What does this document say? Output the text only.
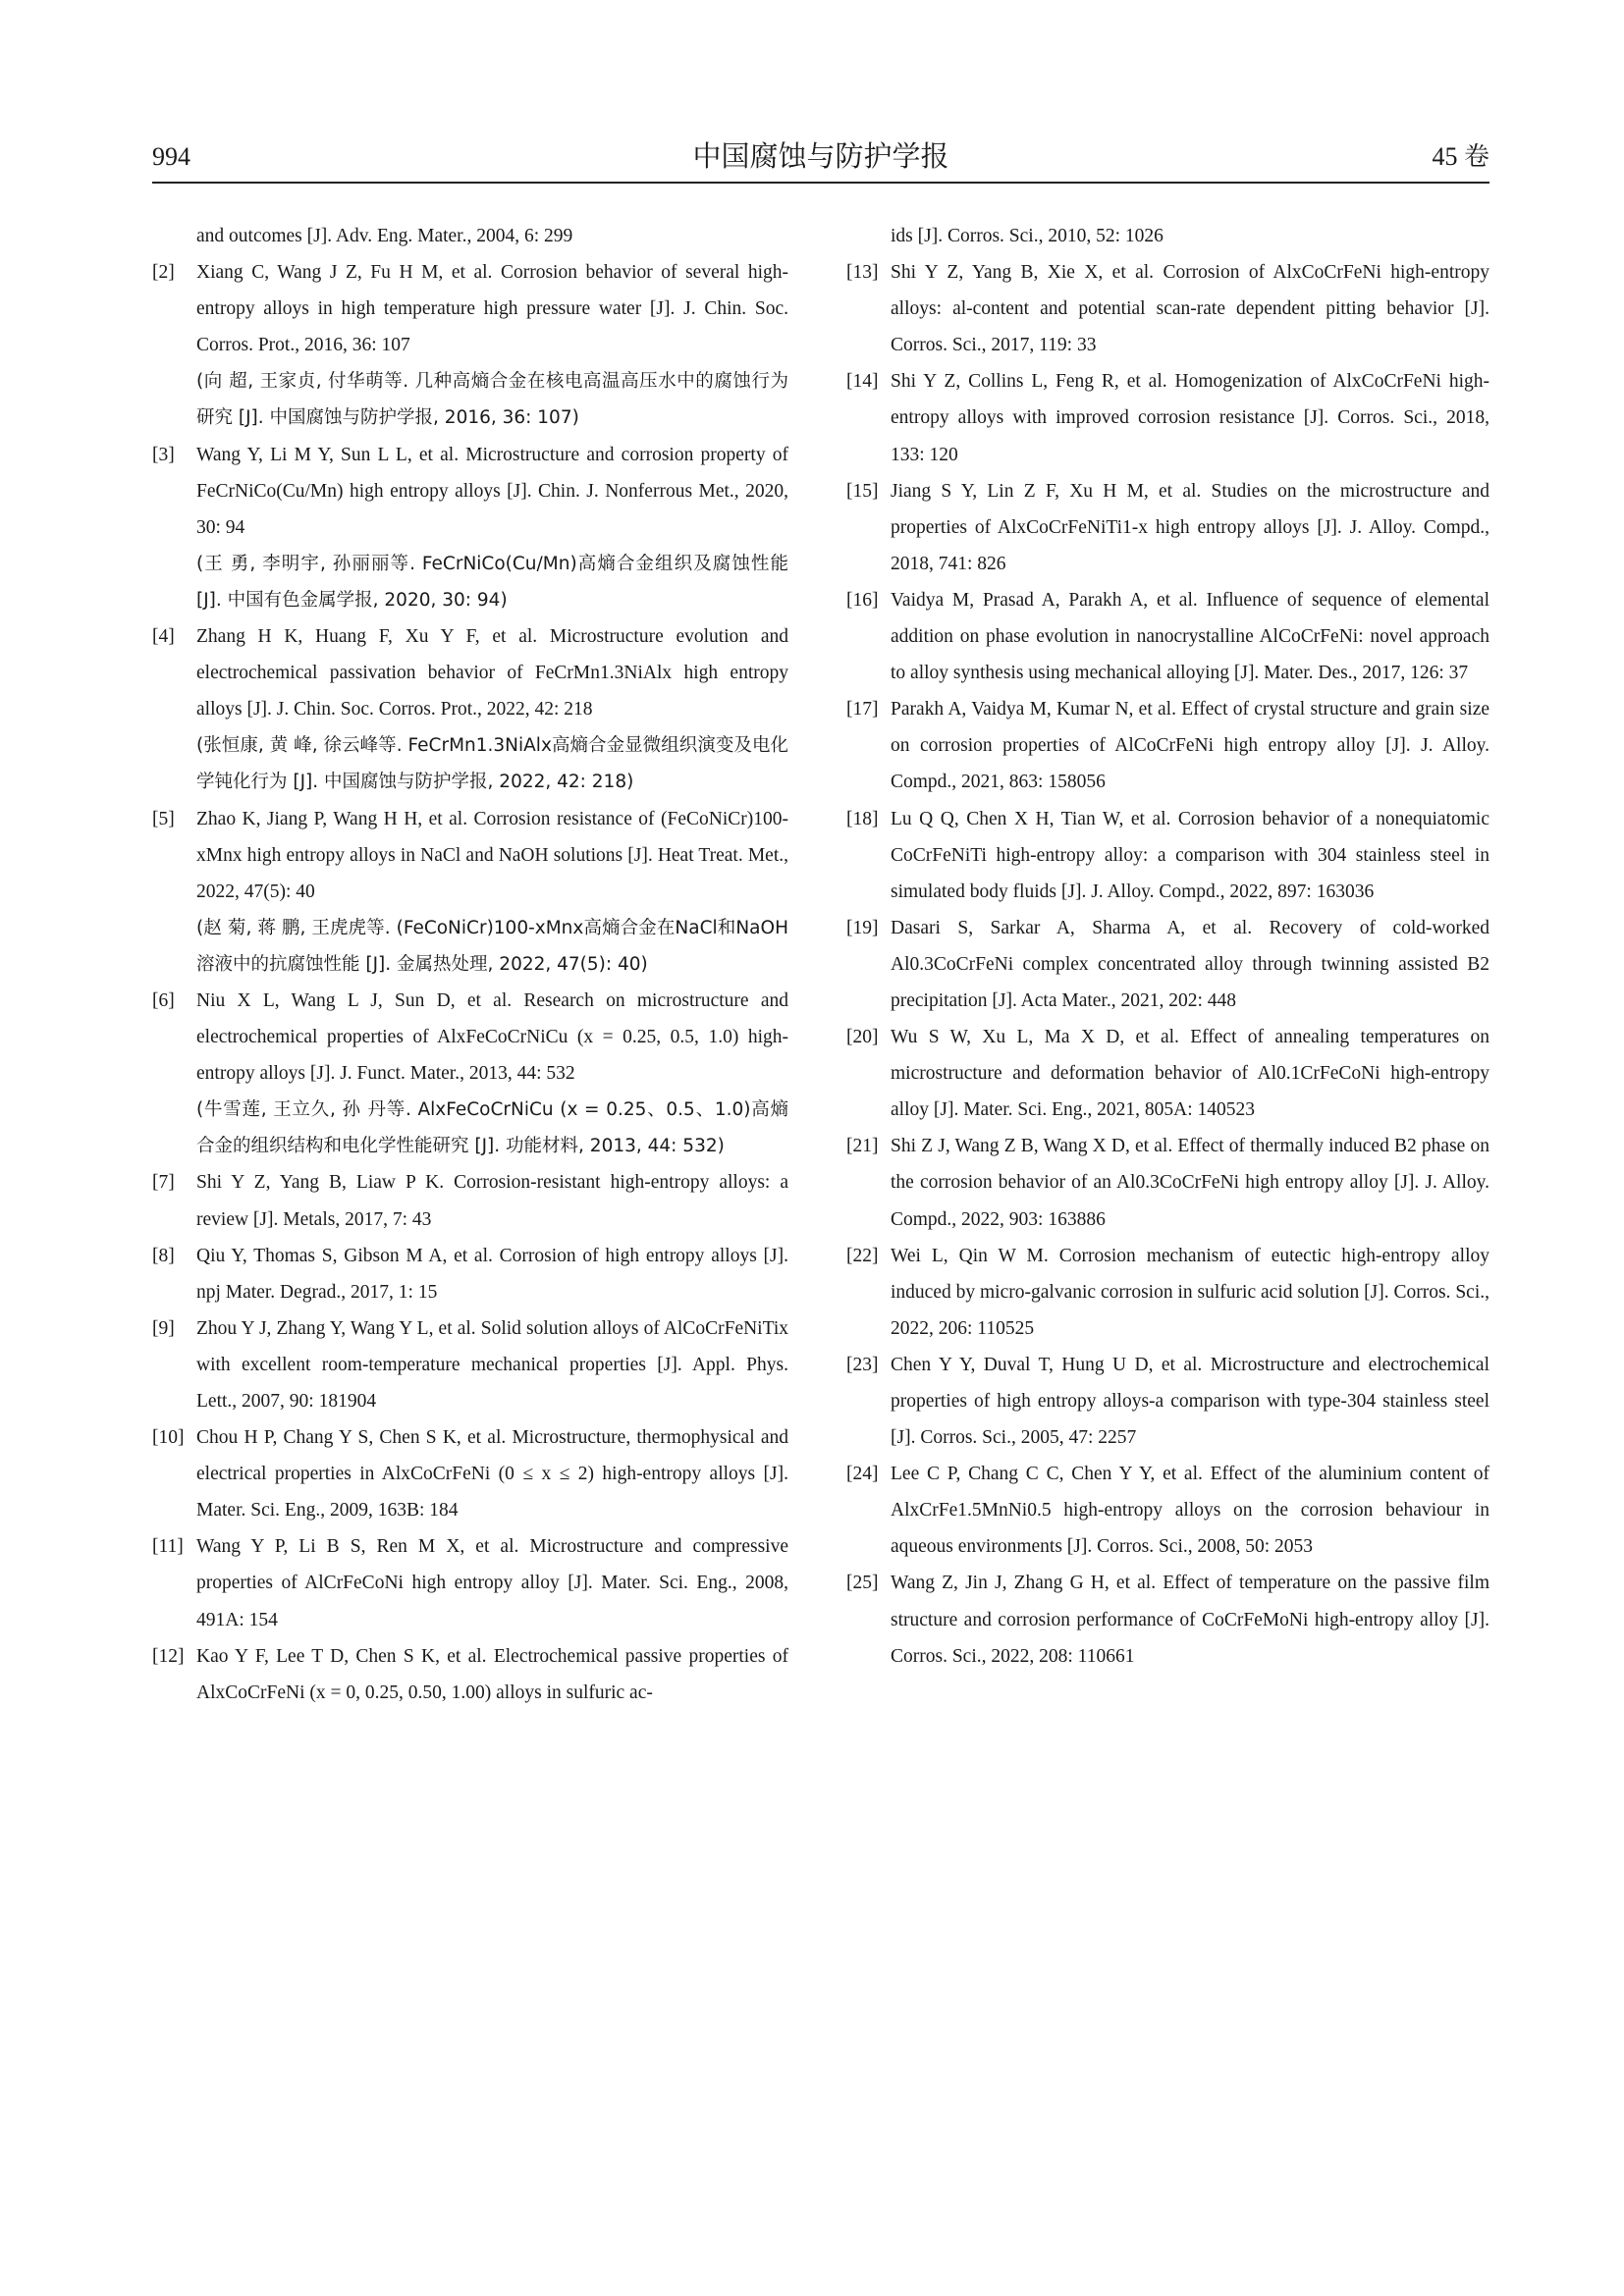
994	中国腐蚀与防护学报	45 卷

and outcomes [J]. Adv. Eng. Mater., 2004, 6: 299

[2] Xiang C, Wang J Z, Fu H M, et al. Corrosion behavior of several high-entropy alloys in high temperature high pressure water [J]. J. Chin. Soc. Corros. Prot., 2016, 36: 107
(向 超, 王家贞, 付华萌等. 几种高熵合金在核电高温高压水中的腐蚀行为研究 [J]. 中国腐蚀与防护学报, 2016, 36: 107)

[3] Wang Y, Li M Y, Sun L L, et al. Microstructure and corrosion property of FeCrNiCo(Cu/Mn) high entropy alloys [J]. Chin. J. Nonferrous Met., 2020, 30: 94
(王 勇, 李明宇, 孙丽丽等. FeCrNiCo(Cu/Mn)高熵合金组织及腐蚀性能 [J]. 中国有色金属学报, 2020, 30: 94)

[4] Zhang H K, Huang F, Xu Y F, et al. Microstructure evolution and electrochemical passivation behavior of FeCrMn1.3NiAlx high entropy alloys [J]. J. Chin. Soc. Corros. Prot., 2022, 42: 218
(张恒康, 黄 峰, 徐云峰等. FeCrMn1.3NiAlx高熵合金显微组织演变及电化学钝化行为 [J]. 中国腐蚀与防护学报, 2022, 42: 218)

[5] Zhao K, Jiang P, Wang H H, et al. Corrosion resistance of (FeCoNiCr)100-xMnx high entropy alloys in NaCl and NaOH solutions [J]. Heat Treat. Met., 2022, 47(5): 40
(赵 菊, 蒋 鹏, 王虎虎等. (FeCoNiCr)100-xMnx高熵合金在NaCl和NaOH溶液中的抗腐蚀性能 [J]. 金属热处理, 2022, 47(5): 40)

[6] Niu X L, Wang L J, Sun D, et al. Research on microstructure and electrochemical properties of AlxFeCoCrNiCu (x = 0.25, 0.5, 1.0) high-entropy alloys [J]. J. Funct. Mater., 2013, 44: 532
(牛雪莲, 王立久, 孙 丹等. AlxFeCoCrNiCu (x = 0.25、0.5、1.0)高熵合金的组织结构和电化学性能研究 [J]. 功能材料, 2013, 44: 532)

[7] Shi Y Z, Yang B, Liaw P K. Corrosion-resistant high-entropy alloys: a review [J]. Metals, 2017, 7: 43

[8] Qiu Y, Thomas S, Gibson M A, et al. Corrosion of high entropy alloys [J]. npj Mater. Degrad., 2017, 1: 15

[9] Zhou Y J, Zhang Y, Wang Y L, et al. Solid solution alloys of AlCoCrFeNiTix with excellent room-temperature mechanical properties [J]. Appl. Phys. Lett., 2007, 90: 181904

[10] Chou H P, Chang Y S, Chen S K, et al. Microstructure, thermophysical and electrical properties in AlxCoCrFeNi (0 ≤ x ≤ 2) high-entropy alloys [J]. Mater. Sci. Eng., 2009, 163B: 184

[11] Wang Y P, Li B S, Ren M X, et al. Microstructure and compressive properties of AlCrFeCoNi high entropy alloy [J]. Mater. Sci. Eng., 2008, 491A: 154

[12] Kao Y F, Lee T D, Chen S K, et al. Electrochemical passive properties of AlxCoCrFeNi (x = 0, 0.25, 0.50, 1.00) alloys in sulfuric ac-

ids [J]. Corros. Sci., 2010, 52: 1026

[13] Shi Y Z, Yang B, Xie X, et al. Corrosion of AlxCoCrFeNi high-entropy alloys: al-content and potential scan-rate dependent pitting behavior [J]. Corros. Sci., 2017, 119: 33

[14] Shi Y Z, Collins L, Feng R, et al. Homogenization of AlxCoCrFeNi high-entropy alloys with improved corrosion resistance [J]. Corros. Sci., 2018, 133: 120

[15] Jiang S Y, Lin Z F, Xu H M, et al. Studies on the microstructure and properties of AlxCoCrFeNiTi1-x high entropy alloys [J]. J. Alloy. Compd., 2018, 741: 826

[16] Vaidya M, Prasad A, Parakh A, et al. Influence of sequence of elemental addition on phase evolution in nanocrystalline AlCoCrFeNi: novel approach to alloy synthesis using mechanical alloying [J]. Mater. Des., 2017, 126: 37

[17] Parakh A, Vaidya M, Kumar N, et al. Effect of crystal structure and grain size on corrosion properties of AlCoCrFeNi high entropy alloy [J]. J. Alloy. Compd., 2021, 863: 158056

[18] Lu Q Q, Chen X H, Tian W, et al. Corrosion behavior of a nonequiatomic CoCrFeNiTi high-entropy alloy: a comparison with 304 stainless steel in simulated body fluids [J]. J. Alloy. Compd., 2022, 897: 163036

[19] Dasari S, Sarkar A, Sharma A, et al. Recovery of cold-worked Al0.3CoCrFeNi complex concentrated alloy through twinning assisted B2 precipitation [J]. Acta Mater., 2021, 202: 448

[20] Wu S W, Xu L, Ma X D, et al. Effect of annealing temperatures on microstructure and deformation behavior of Al0.1CrFeCoNi high-entropy alloy [J]. Mater. Sci. Eng., 2021, 805A: 140523

[21] Shi Z J, Wang Z B, Wang X D, et al. Effect of thermally induced B2 phase on the corrosion behavior of an Al0.3CoCrFeNi high entropy alloy [J]. J. Alloy. Compd., 2022, 903: 163886

[22] Wei L, Qin W M. Corrosion mechanism of eutectic high-entropy alloy induced by micro-galvanic corrosion in sulfuric acid solution [J]. Corros. Sci., 2022, 206: 110525

[23] Chen Y Y, Duval T, Hung U D, et al. Microstructure and electrochemical properties of high entropy alloys-a comparison with type-304 stainless steel [J]. Corros. Sci., 2005, 47: 2257

[24] Lee C P, Chang C C, Chen Y Y, et al. Effect of the aluminium content of AlxCrFe1.5MnNi0.5 high-entropy alloys on the corrosion behaviour in aqueous environments [J]. Corros. Sci., 2008, 50: 2053

[25] Wang Z, Jin J, Zhang G H, et al. Effect of temperature on the passive film structure and corrosion performance of CoCrFeMoNi high-entropy alloy [J]. Corros. Sci., 2022, 208: 110661
